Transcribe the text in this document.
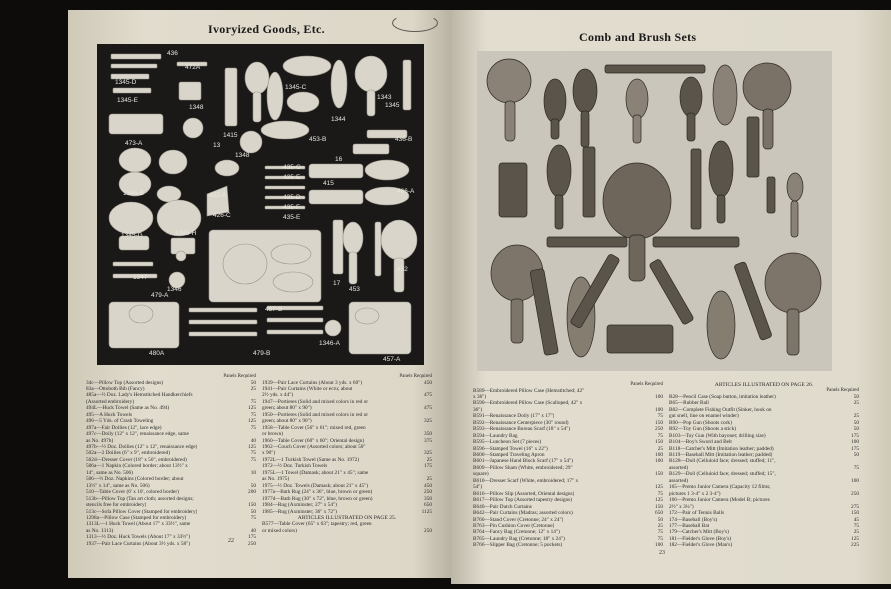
Ivoryized Goods, Etc.
436
472A
1345-D
1345-E
1348
473-A	13
1348
1415
1345-C
1344
1343
1345
453-B	436-B
16
435-G
435-E
415
466-A
1345-B	422-A	435-D
435-F
1345-G
426-C	435-E
1345-H
17
453
452
1347
1346
479-A
457-B
480A	479-B
1346-A
457-A
Panels Required
34c—Pillow Top (Assorted designs)	50
83a—Ottoboth Bib (Fancy)	25
485a—½ Doz. Lady's Hemstitched Handkerchiefs
(Assorted embroidery)	75
494L—Huck Towel (Same as No. 494)	125
495—A Huck Towels	75
496—5 Yds. of Crash Toweling	125
497a—Fair Doilies (12", lace edge)	75
497c—Doily (12" x 12", renaissance edge, same
as No. 497b)	40
497b—½ Doz. Doilies (12" x 12", renaissance edge)	125
502a—2 Doilies (6" x 9", embroidered)	75
502d—Dresser Cover (18" x 50", embroidered)	75
506a—1 Napkin (Colored border; about 13½" x
14", same as No. 506)	10
506—½ Doz. Napkins (Colored border; about
13½" x 14", same as No. 506)	50
510—Table Cover (6' x 10', colored border)	200
513b—Pillow Top (Tan art cloth; assorted designs;
stencils free for embroidery)	150
513c—Sofa Pillow Cover (Stamped for embroidery)	50
1298a—Pillow Case (Stamped for embroidery)	75
1313L—1 Huck Towel (About 17" x 33½", same
as No. 1313)	40
1313—½ Doz. Huck Towels (About 17" x 33½")	175
1937—Pair Lace Curtains (About 3½ yds. x 58")	250
Panels Required
1939—Pair Lace Curtains (About 3 yds. x 60")	450
1941—Pair Curtains (White or ecru; about
2½ yds. x 44")	475
1947—Portieres (Solid and mixed colors in red or
green; about 80" x 90")	475
1950—Portieres (Solid and mixed colors in red or
green; about 80" x 90")	325
1958—Table Cover (56" x 61"; mixed red, green
or brown)	350
1960—Table Cover (60" x 60"; Oriental design)	375
1962—Couch Cover (Assorted colors; about 50"
x 90")	325
1972L—1 Turkish Towel (Same as No. 1972)	25
1972—½ Doz. Turkish Towels	175
1975L—1 Towel (Damask; about 21" x 45"; same
as No. 1975)	25
1975—½ Doz. Towels (Damask; about 21" x 45")	450
1977a—Bath Rug (24" x 36", blue, brown or green)	250
1977d—Bath Rug (30" x 72", blue, brown or green)	350
1984—Rug (Axminster; 27" x 54")	650
1985—Rug (Axminster; 36" x 72")	1125
ARTICLES ILLUSTRATED ON PAGE 25.
B577—Table Cover (65" x 63"; tapestry; red, green
or mixed colors)	250
22
Comb and Brush Sets
Panels Required
B589—Embroidered Pillow Case (Hemstitched; 42"
x 36")	100
B590—Embroidered Pillow Case (Scalloped, 42" x
36")	100
B591—Renaissance Doily (17" x 17")	75
B592—Renaissance Centerpiece (30" round)	150
B593—Renaissance Bureau Scarf (18" x 54")	250
B594—Laundry Bag	75
B595—Luncheon Set (7 pieces)	150
B596—Stamped Towel (16" x 22")	25
B600—Stamped Traveling Apron	100
B601—Japanese Hand Block Scarf (17" x 54")	100
B609—Pillow Sham (White, embroidered; 29"
square)	150
B610—Dresser Scarf (White, embroidered; 17" x
54")	125
B616—Pillow Slip (Assorted, Oriental designs)	75
B617—Pillow Top (Assorted tapestry designs)	125
B640—Pair Dutch Curtains	150
B642—Pair Curtains (Madras; assorted colors)	650
B760—Stand Cover (Cretonne; 24" x 24")	50
B763—Pin Cushion Cover (Cretonne)	25
B764—Fancy Bag (Cretonne; 12" x 14")	75
B765—Laundry Bag (Cretonne; 18" x 24")	75
B766—Slipper Bag (Cretonne; 5 pockets)	100
ARTICLES ILLUSTRATED ON PAGE 26.
Panels Required
B28—Pencil Case (Soap button, imitation leather)	50
B65—Rubber Ball	25
B82—Complete Fishing Outfit (Sinker, hook on
gut snell, line on enamel winder)	25
B90—Pop Gun (Shoots cork)	50
B92—Toy Gun (Shoots a stick)	50
B103—Toy Gun (With bayonet; drilling size)	175
B104—Boy's Sword and Belt	100
B118—Catcher's Mitt (Imitation leather; padded)	175
B119—Baseball Mitt (Imitation leather; padded)	50
B128—Doll (Celluloid face; dressed; stuffed; 11",
assorted)	75
B129—Doll (Celluloid face; dressed; stuffed; 15",
assorted)	100
165—Premo Junior Camera (Capacity 12 films;
pictures 1 3-4" x 2 3-4")	250
166—Premo Junior Camera (Model B; pictures
2½" x 3¼")	275
172—Pair of Tennis Balls	150
174—Baseball (Boy's)	45
177—Baseball Bat	75
179—Catcher's Mitt (Boy's)	25
181—Fielder's Glove (Boy's)	125
182—Fielder's Glove (Man's)	225
23
